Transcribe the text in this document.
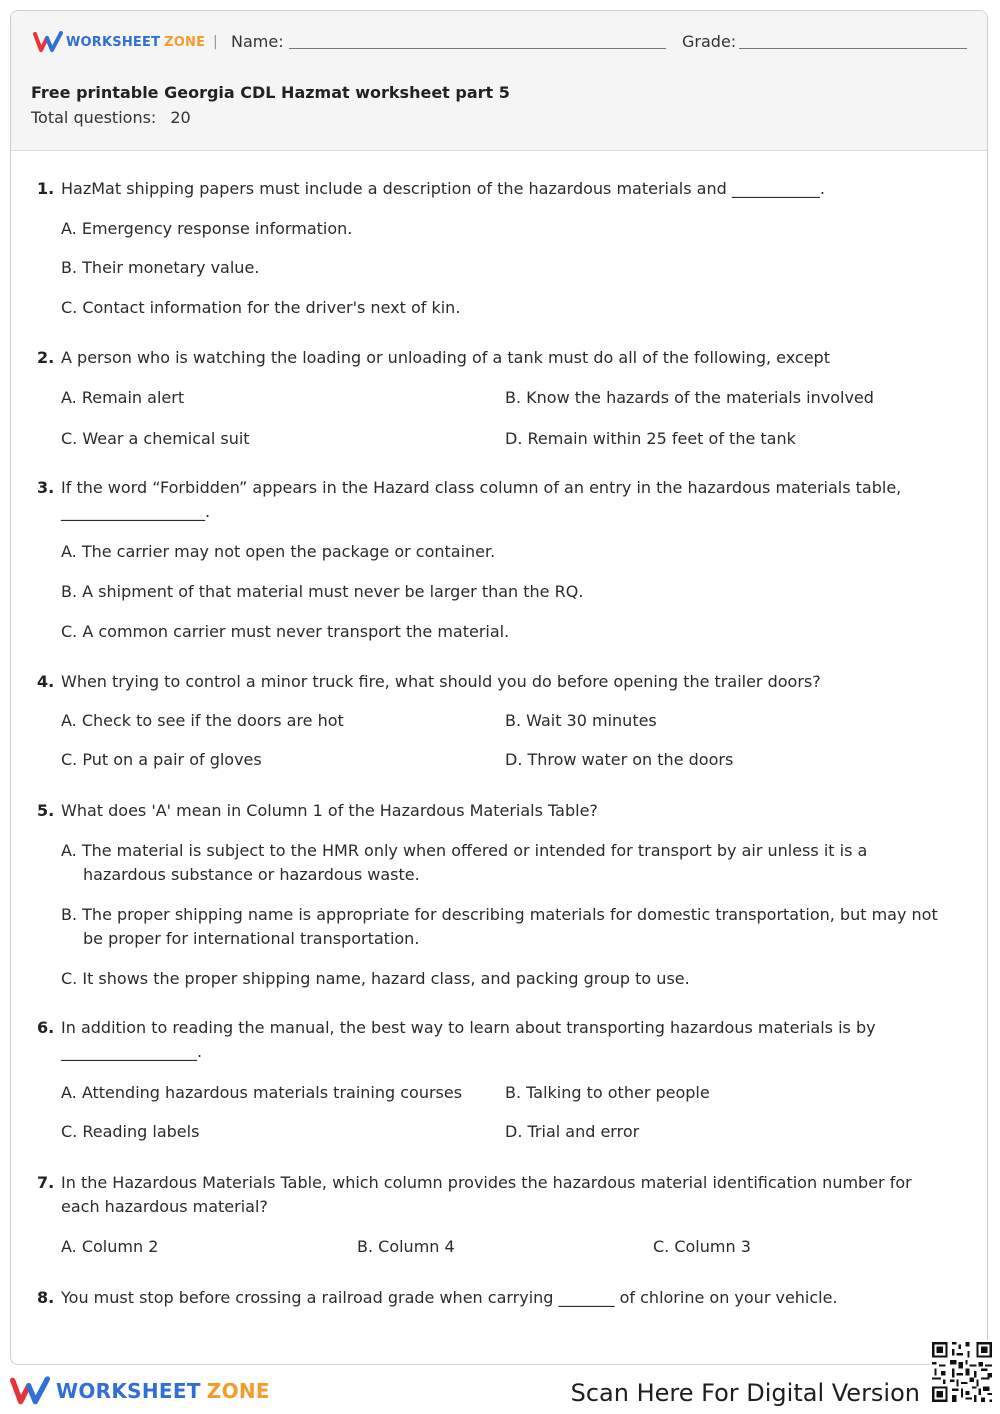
WORKSHEET ZONE | Name:	Grade:
Free printable Georgia CDL Hazmat worksheet part 5
Total questions: 20
1. HazMat shipping papers must include a description of the hazardous materials and ___________.
A. Emergency response information.
B. Their monetary value.
C. Contact information for the driver's next of kin.
2. A person who is watching the loading or unloading of a tank must do all of the following, except
A. Remain alert	B. Know the hazards of the materials involved
C. Wear a chemical suit	D. Remain within 25 feet of the tank
3. If the word “Forbidden” appears in the Hazard class column of an entry in the hazardous materials table, __________________.
A. The carrier may not open the package or container.
B. A shipment of that material must never be larger than the RQ.
C. A common carrier must never transport the material.
4. When trying to control a minor truck fire, what should you do before opening the trailer doors?
A. Check to see if the doors are hot	B. Wait 30 minutes
C. Put on a pair of gloves	D. Throw water on the doors
5. What does 'A' mean in Column 1 of the Hazardous Materials Table?
A. The material is subject to the HMR only when offered or intended for transport by air unless it is a hazardous substance or hazardous waste.
B. The proper shipping name is appropriate for describing materials for domestic transportation, but may not be proper for international transportation.
C. It shows the proper shipping name, hazard class, and packing group to use.
6. In addition to reading the manual, the best way to learn about transporting hazardous materials is by _________________.
A. Attending hazardous materials training courses	B. Talking to other people
C. Reading labels	D. Trial and error
7. In the Hazardous Materials Table, which column provides the hazardous material identification number for each hazardous material?
A. Column 2	B. Column 4	C. Column 3
8. You must stop before crossing a railroad grade when carrying _______ of chlorine on your vehicle.
WORKSHEET ZONE	Scan Here For Digital Version
